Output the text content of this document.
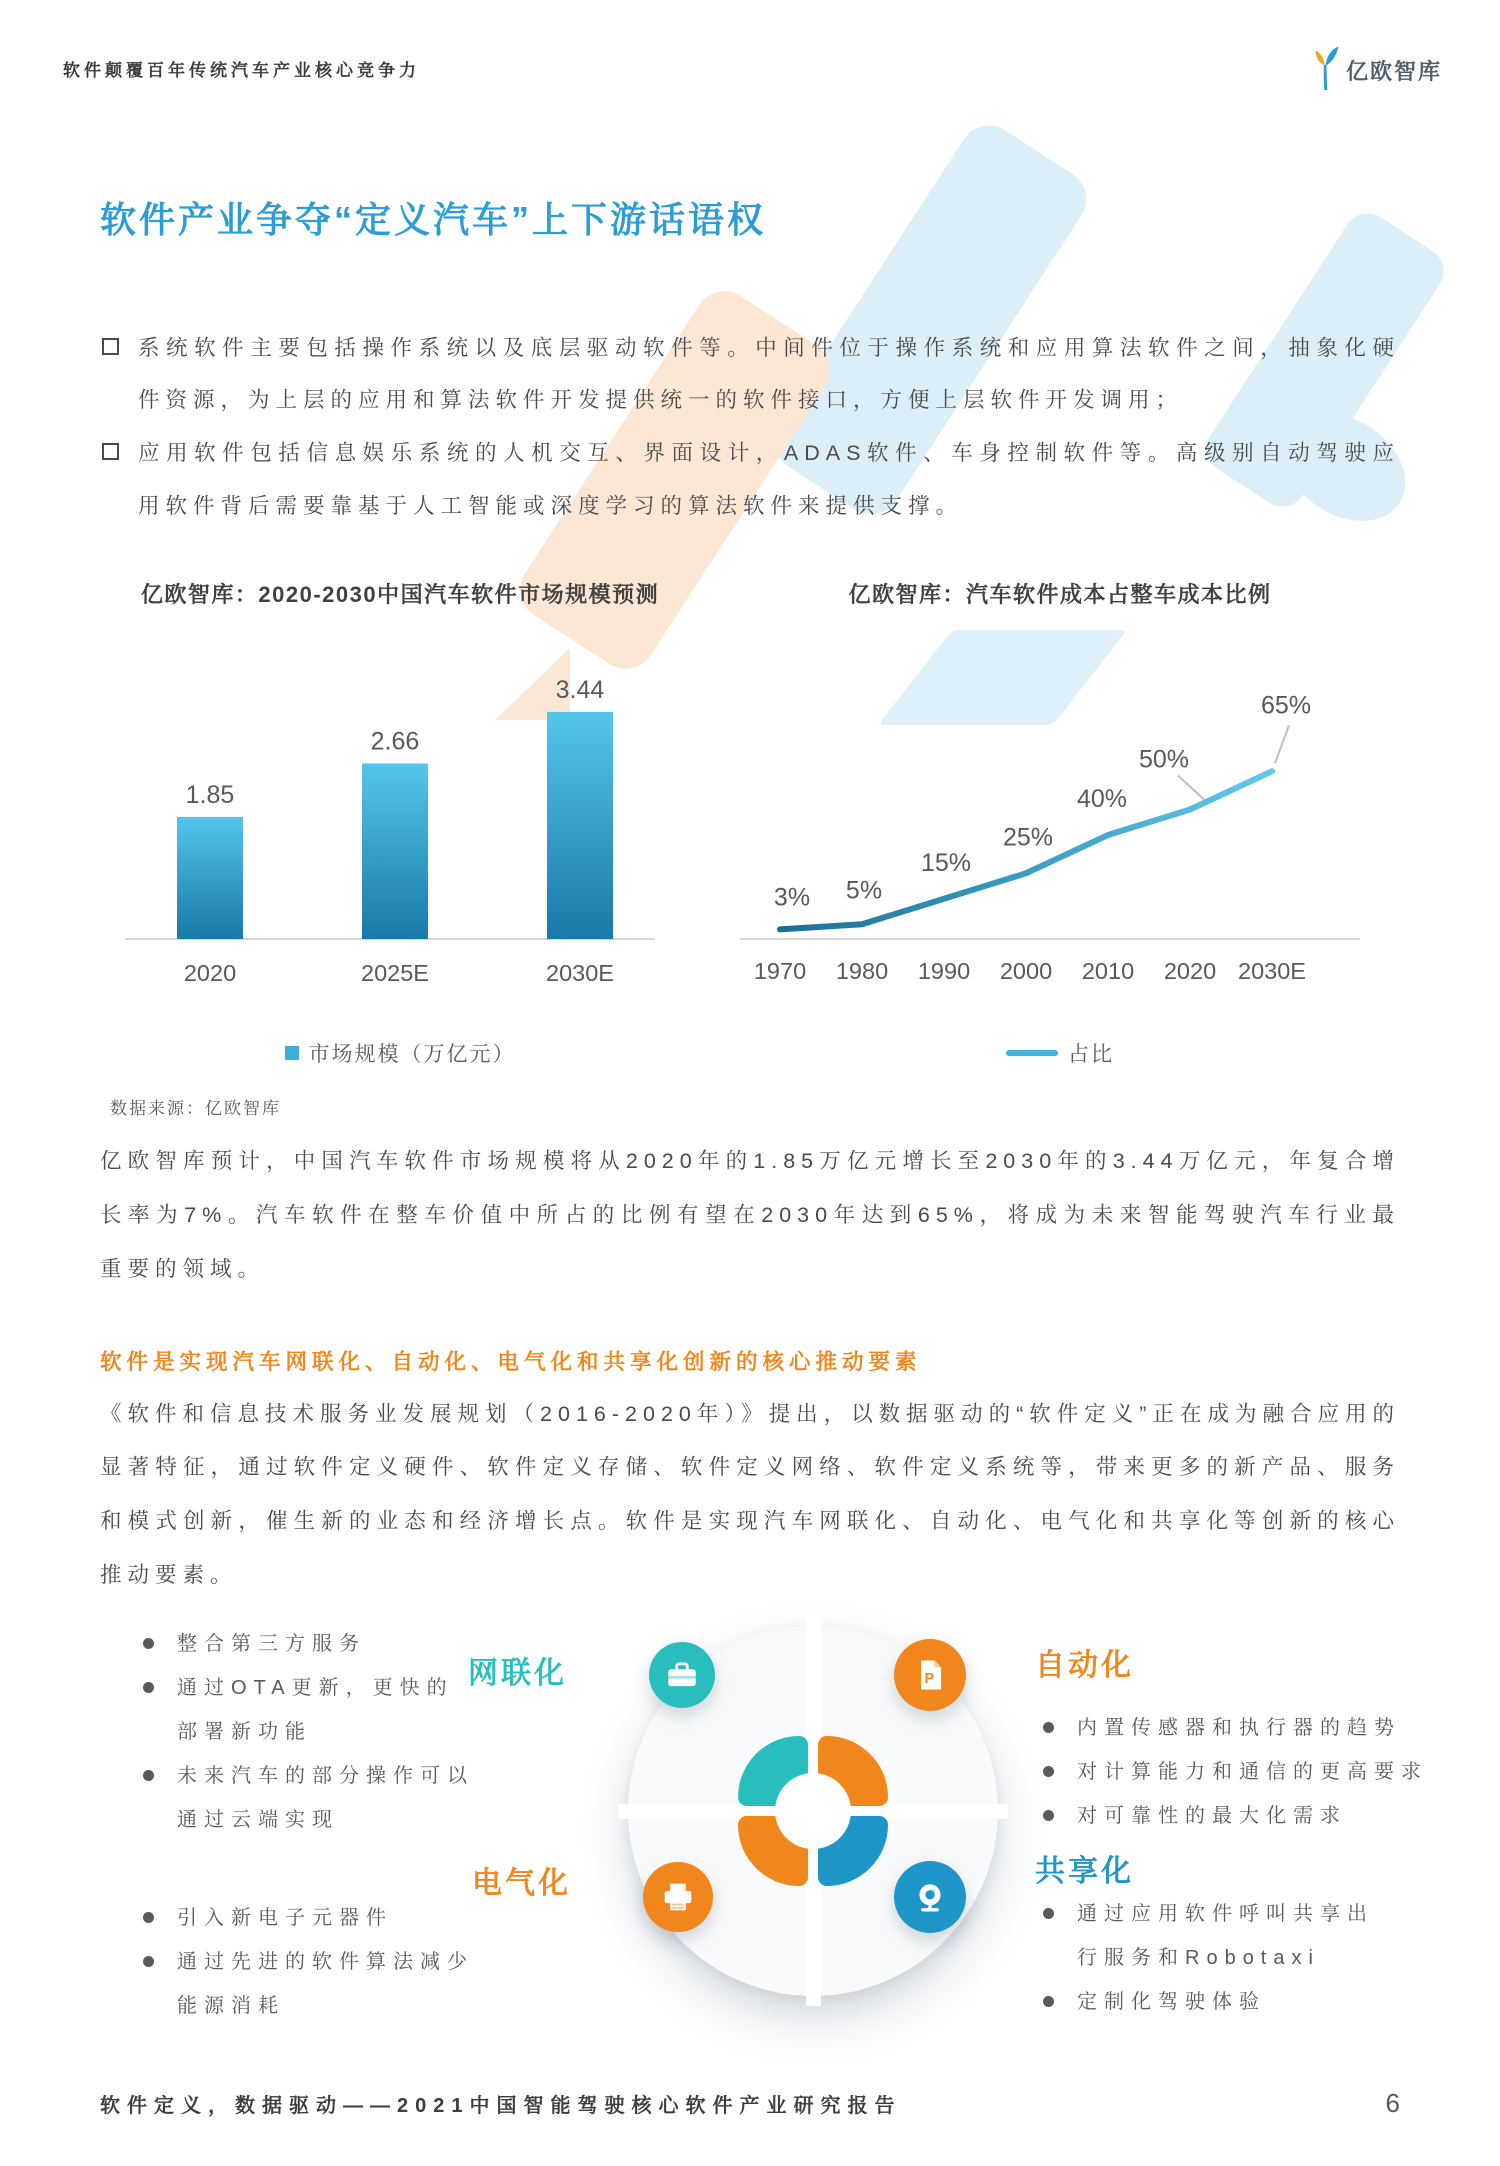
软件颠覆百年传统汽车产业核心竞争力	亿欧智库
软件产业争夺“定义汽车”上下游话语权
系统软件主要包括操作系统以及底层驱动软件等。中间件位于操作系统和应用算法软件之间，抽象化硬件资源，为上层的应用和算法软件开发提供统一的软件接口，方便上层软件开发调用；
应用软件包括信息娱乐系统的人机交互、界面设计，ADAS软件、车身控制软件等。高级别自动驾驶应用软件背后需要靠基于人工智能或深度学习的算法软件来提供支撑。
亿欧智库：2020-2030中国汽车软件市场规模预测
1.85
2020
2.66
2025E
3.44
2030E
市场规模（万亿元）
亿欧智库：汽车软件成本占整车成本比例
3%
1970
5%
1980
15%
1990
25%
2000
40%
2010
50%
2020
65%
2030E
占比
数据来源：亿欧智库

亿欧智库预计，中国汽车软件市场规模将从2020年的1.85万亿元增长至2030年的3.44万亿元，年复合增长率为7%。汽车软件在整车价值中所占的比例有望在2030年达到65%，将成为未来智能驾驶汽车行业最重要的领域。

软件是实现汽车网联化、自动化、电气化和共享化创新的核心推动要素

《软件和信息技术服务业发展规划（2016-2020年）》提出，以数据驱动的“软件定义”正在成为融合应用的显著特征，通过软件定义硬件、软件定义存储、软件定义网络、软件定义系统等，带来更多的新产品、服务和模式创新，催生新的业态和经济增长点。软件是实现汽车网联化、自动化、电气化和共享化等创新的核心推动要素。

整合第三方服务
通过OTA更新，更快的部署新功能
未来汽车的部分操作可以通过云端实现
网联化
电气化
引入新电子元器件
通过先进的软件算法减少能源消耗
自动化
内置传感器和执行器的趋势
对计算能力和通信的更高要求
对可靠性的最大化需求
共享化
通过应用软件呼叫共享出行服务和Robotaxi
定制化驾驶体验
P
软件定义，数据驱动——2021中国智能驾驶核心软件产业研究报告	6
